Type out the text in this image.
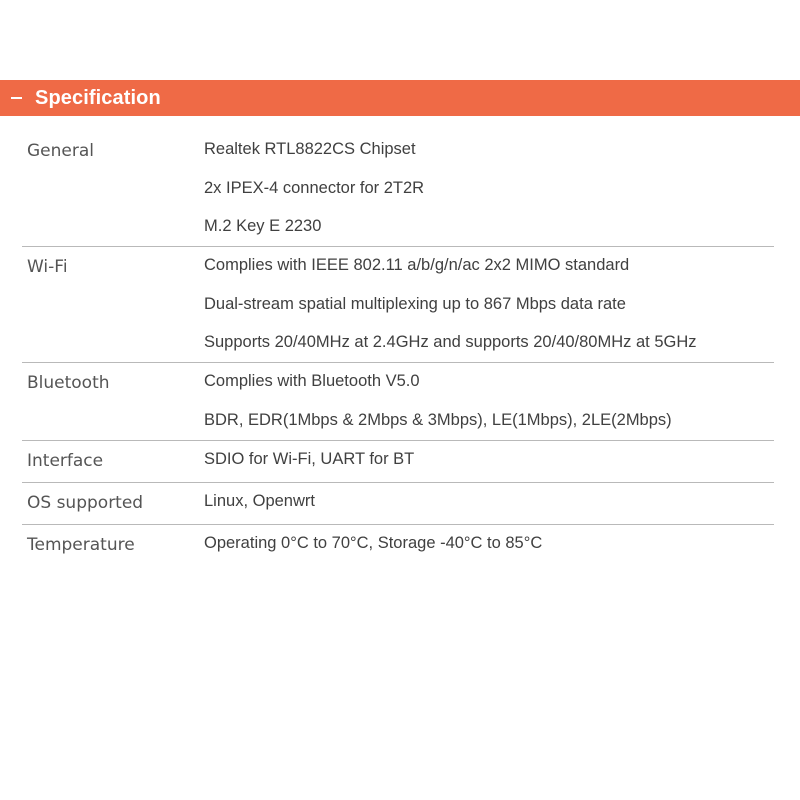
Specification
General	Realtek RTL8822CS Chipset
2x IPEX-4 connector for 2T2R
M.2 Key E 2230
Wi-Fi	Complies with IEEE 802.11 a/b/g/n/ac 2x2 MIMO standard
Dual-stream spatial multiplexing up to 867 Mbps data rate
Supports 20/40MHz at 2.4GHz and supports 20/40/80MHz at 5GHz
Bluetooth	Complies with Bluetooth V5.0
BDR, EDR(1Mbps & 2Mbps & 3Mbps), LE(1Mbps), 2LE(2Mbps)
Interface	SDIO for Wi-Fi, UART for BT
OS supported	Linux, Openwrt
Temperature	Operating 0°C to 70°C, Storage -40°C to 85°C
